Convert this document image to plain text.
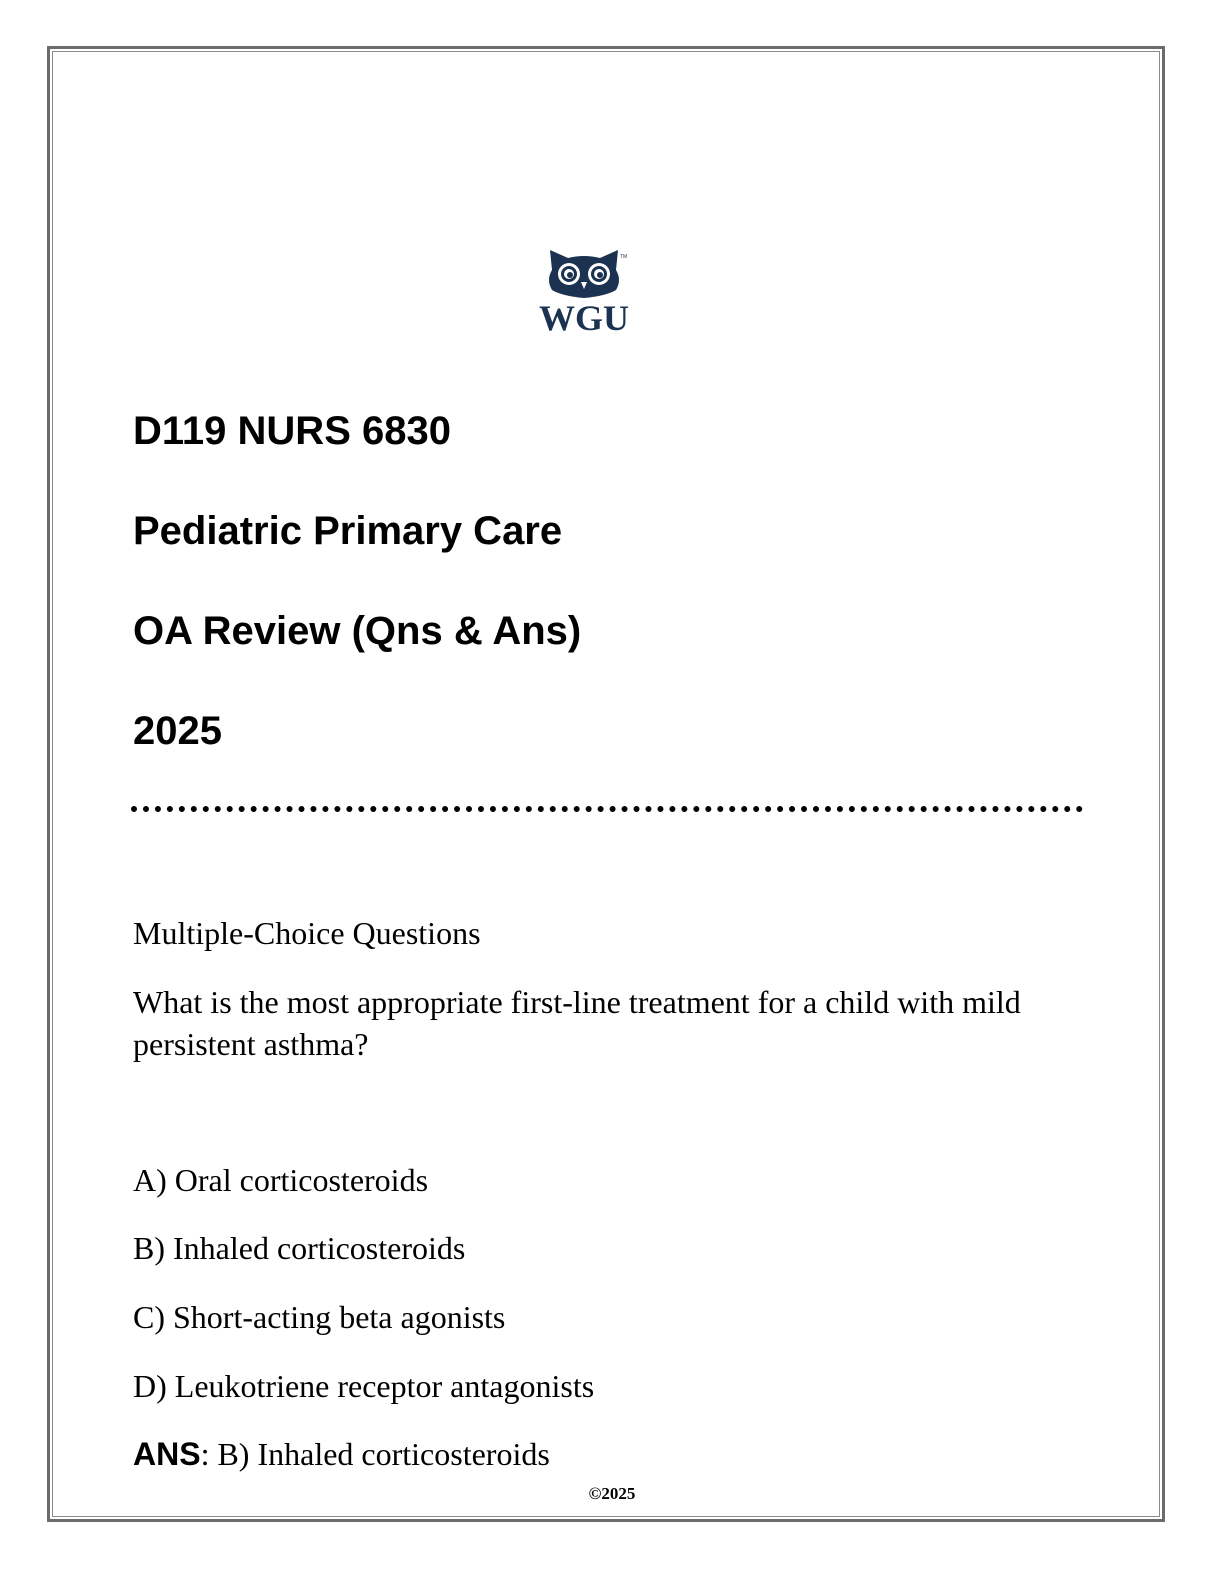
TM
WGU
D119 NURS 6830
Pediatric Primary Care
OA Review (Qns & Ans)
2025
Multiple-Choice Questions
What is the most appropriate first-line treatment for a child with mild persistent asthma?
A) Oral corticosteroids
B) Inhaled corticosteroids
C) Short-acting beta agonists
D) Leukotriene receptor antagonists
ANS: B) Inhaled corticosteroids
©2025
